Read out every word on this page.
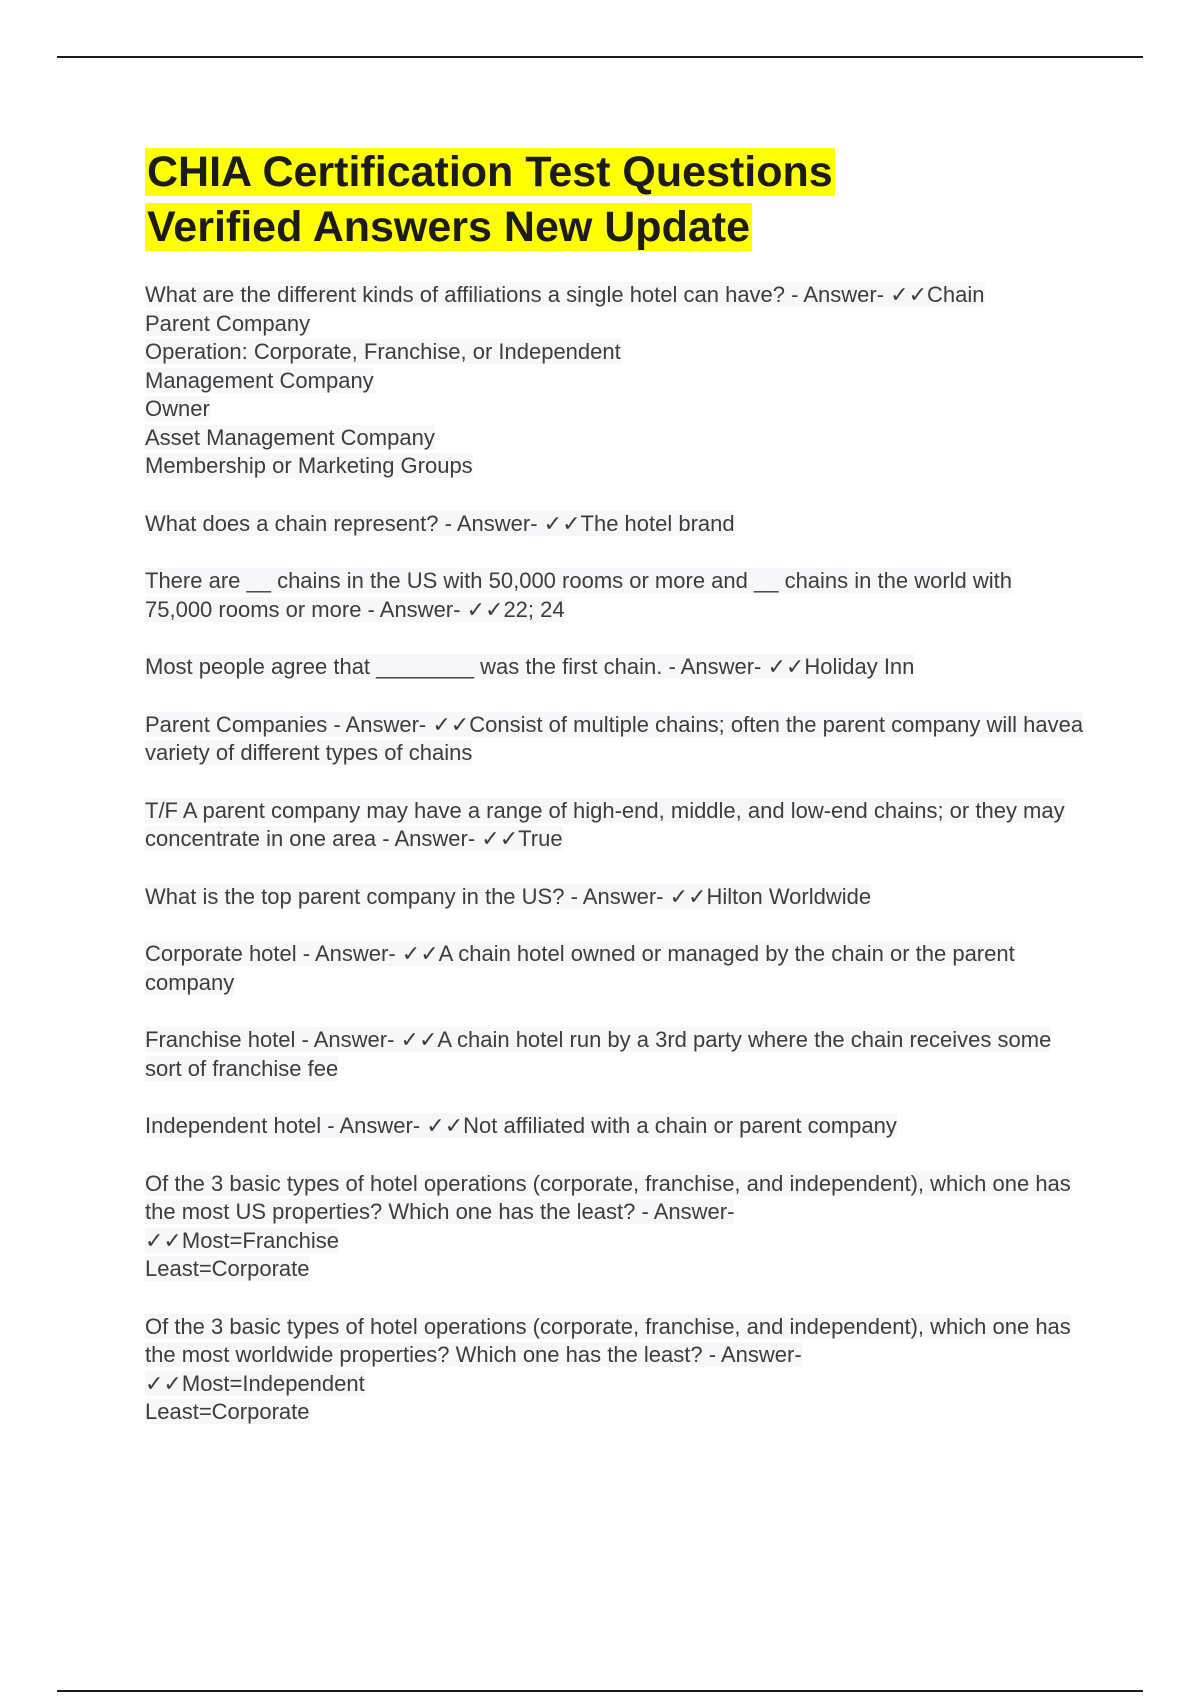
CHIA Certification Test Questions
Verified Answers New Update

What are the different kinds of affiliations a single hotel can have? - Answer- ✓✓Chain
Parent Company
Operation: Corporate, Franchise, or Independent
Management Company
Owner
Asset Management Company
Membership or Marketing Groups

What does a chain represent? - Answer- ✓✓The hotel brand

There are __ chains in the US with 50,000 rooms or more and __ chains in the world with 75,000 rooms or more - Answer- ✓✓22; 24

Most people agree that ________ was the first chain. - Answer- ✓✓Holiday Inn

Parent Companies - Answer- ✓✓Consist of multiple chains; often the parent company will havea variety of different types of chains

T/F A parent company may have a range of high-end, middle, and low-end chains; or they may concentrate in one area - Answer- ✓✓True

What is the top parent company in the US? - Answer- ✓✓Hilton Worldwide

Corporate hotel - Answer- ✓✓A chain hotel owned or managed by the chain or the parent company

Franchise hotel - Answer- ✓✓A chain hotel run by a 3rd party where the chain receives some sort of franchise fee

Independent hotel - Answer- ✓✓Not affiliated with a chain or parent company

Of the 3 basic types of hotel operations (corporate, franchise, and independent), which one has the most US properties? Which one has the least? - Answer-
✓✓Most=Franchise
Least=Corporate

Of the 3 basic types of hotel operations (corporate, franchise, and independent), which one has the most worldwide properties? Which one has the least? - Answer-
✓✓Most=Independent
Least=Corporate
